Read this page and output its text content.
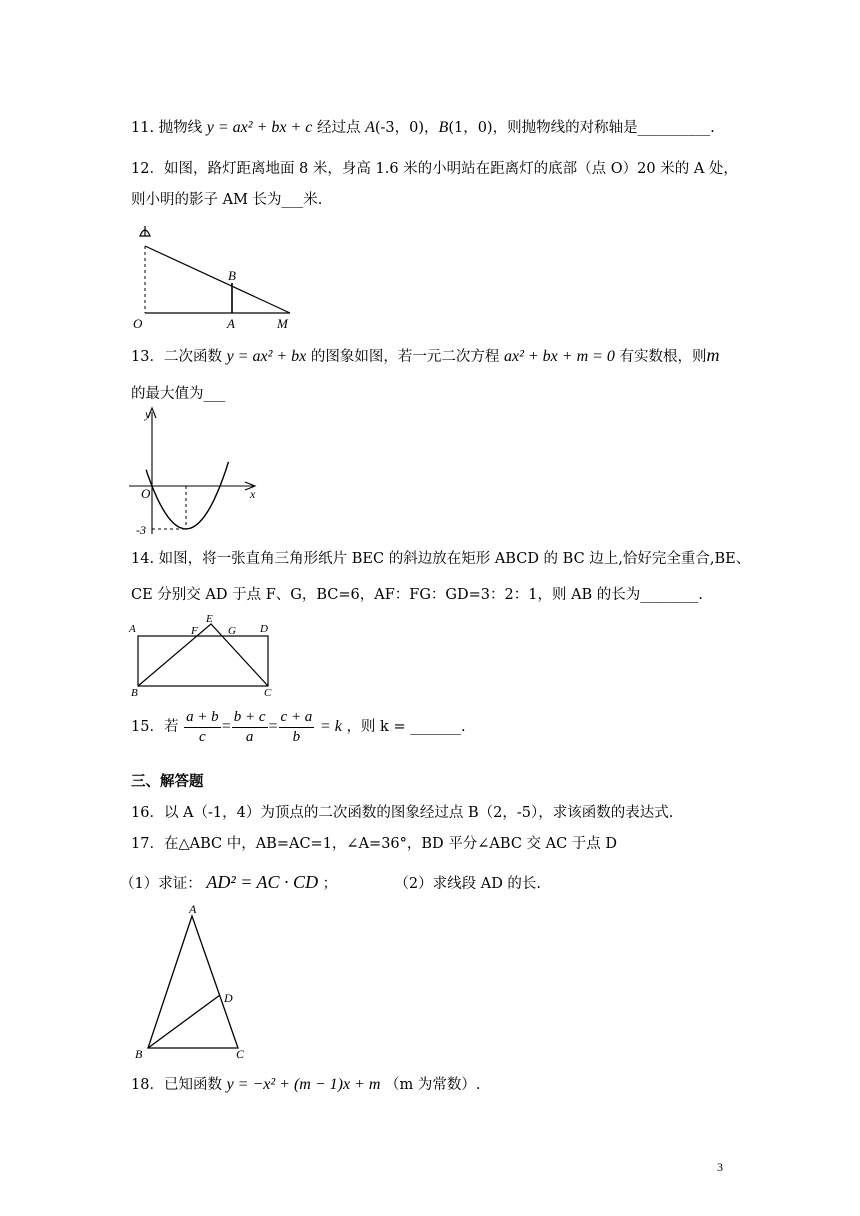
11. 抛物线 y = ax² + bx + c 经过点 A(-3，0)，B(1，0)，则抛物线的对称轴是__________.
12．如图，路灯距离地面 8 米，身高 1.6 米的小明站在距离灯的底部（点 O）20 米的 A 处，
则小明的影子 AM 长为___米.
B
O	A	M
13．二次函数 y = ax² + bx 的图象如图，若一元二次方程 ax² + bx + m = 0 有实数根，则m
的最大值为___
y
x
O
-3
14. 如图，将一张直角三角形纸片 BEC 的斜边放在矩形 ABCD 的 BC 边上,恰好完全重合,BE、
CE 分别交 AD 于点 F、G，BC=6，AF：FG：GD=3：2：1，则 AB 的长为________.
A	F
E
G D
B	C
15．若 $\frac{a + b}{c} = \frac{b + c}{a} = \frac{c + a}{b} = k$ ，则 k = _______.
三、解答题
16．以 A（-1，4）为顶点的二次函数的图象经过点 B（2，-5），求该函数的表达式.
17．在△ABC 中，AB=AC=1，∠A=36°，BD 平分∠ABC 交 AC 于点 D
（1）求证： AD² = AC · CD ；	（2）求线段 AD 的长.
A
D
B	C
18．已知函数 y = −x² + (m − 1)x + m （m 为常数）.
3
